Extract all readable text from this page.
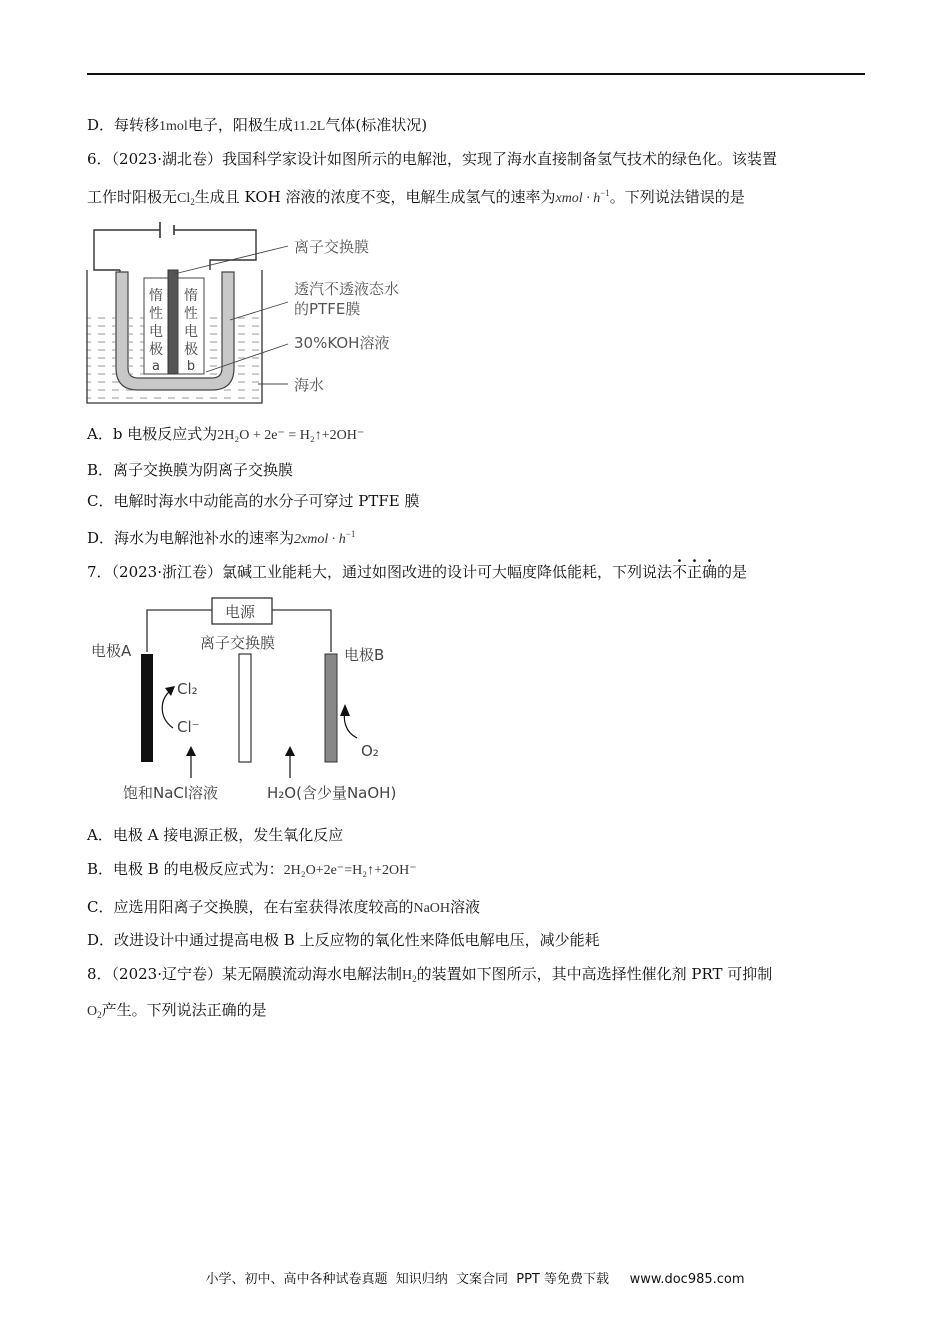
D．每转移1mol电子，阳极生成11.2L气体(标准状况)
6．（2023·湖北卷）我国科学家设计如图所示的电解池，实现了海水直接制备氢气技术的绿色化。该装置
工作时阳极无$Cl_2$生成且 KOH 溶液的浓度不变，电解生成氢气的速率为xmol · $h^{-1}$。下列说法错误的是
惰
性
电
极
a
惰
性
电
极
b
离子交换膜
透汽不透液态水
的PTFE膜
30%KOH溶液
海水
A．b 电极反应式为2H₂O + 2e⁻ = H₂↑+2OH⁻
B．离子交换膜为阴离子交换膜
C．电解时海水中动能高的水分子可穿过 PTFE 膜
D．海水为电解池补水的速率为2xmol · $h^{-1}$
7．（2023·浙江卷）氯碱工业能耗大，通过如图改进的设计可大幅度降低能耗，下列说法不正确的是
电源
离子交换膜
电极A	电极B
Cl₂
Cl⁻
O₂
饱和NaCl溶液	H₂O(含少量NaOH)
A．电极 A 接电源正极，发生氧化反应
B．电极 B 的电极反应式为：2H₂O+2e⁻=H₂↑+2OH⁻
C．应选用阳离子交换膜，在右室获得浓度较高的NaOH溶液
D．改进设计中通过提高电极 B 上反应物的氧化性来降低电解电压，减少能耗
8．（2023·辽宁卷）某无隔膜流动海水电解法制$H_2$的装置如下图所示，其中高选择性催化剂 PRT 可抑制
$O_2$产生。下列说法正确的是
小学、初中、高中各种试卷真题  知识归纳  文案合同  PPT 等免费下载     www.doc985.com
